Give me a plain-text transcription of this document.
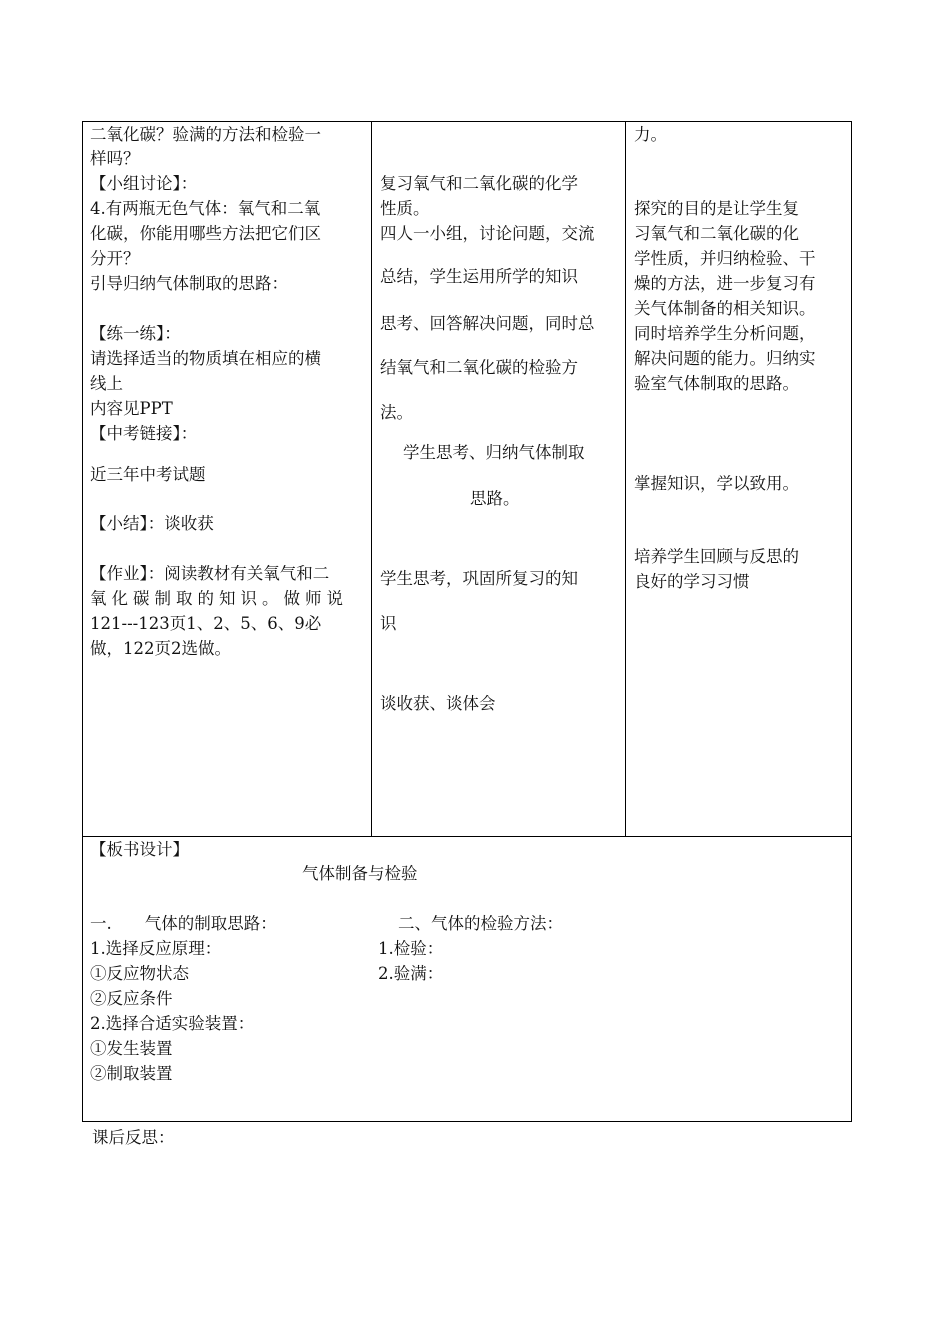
二氧化碳？验满的方法和检验一
样吗？
【小组讨论】：
4.有两瓶无色气体：氧气和二氧
化碳，你能用哪些方法把它们区
分开？
引导归纳气体制取的思路：
【练一练】：
请选择适当的物质填在相应的横
线上
内容见PPT
【中考链接】：
近三年中考试题
【小结】：谈收获
【作业】：阅读教材有关氧气和二
氧化碳制取的知识。做师说
121---123页1、2、5、6、9必
做，122页2选做。
复习氧气和二氧化碳的化学
性质。
四人一小组，讨论问题，交流
总结，学生运用所学的知识
思考、回答解决问题，同时总
结氧气和二氧化碳的检验方
法。
学生思考、归纳气体制取
思路。
学生思考，巩固所复习的知
识
谈收获、谈体会
力。
探究的目的是让学生复
习氧气和二氧化碳的化
学性质，并归纳检验、干
燥的方法，进一步复习有
关气体制备的相关知识。
同时培养学生分析问题，
解决问题的能力。归纳实
验室气体制取的思路。
掌握知识，学以致用。
培养学生回顾与反思的
良好的学习习惯
【板书设计】
气体制备与检验
一.　　气体的制取思路：
1.选择反应原理：
①反应物状态
②反应条件
2.选择合适实验装置：
①发生装置
②制取装置
二、气体的检验方法：
1.检验：
2.验满：
课后反思：
